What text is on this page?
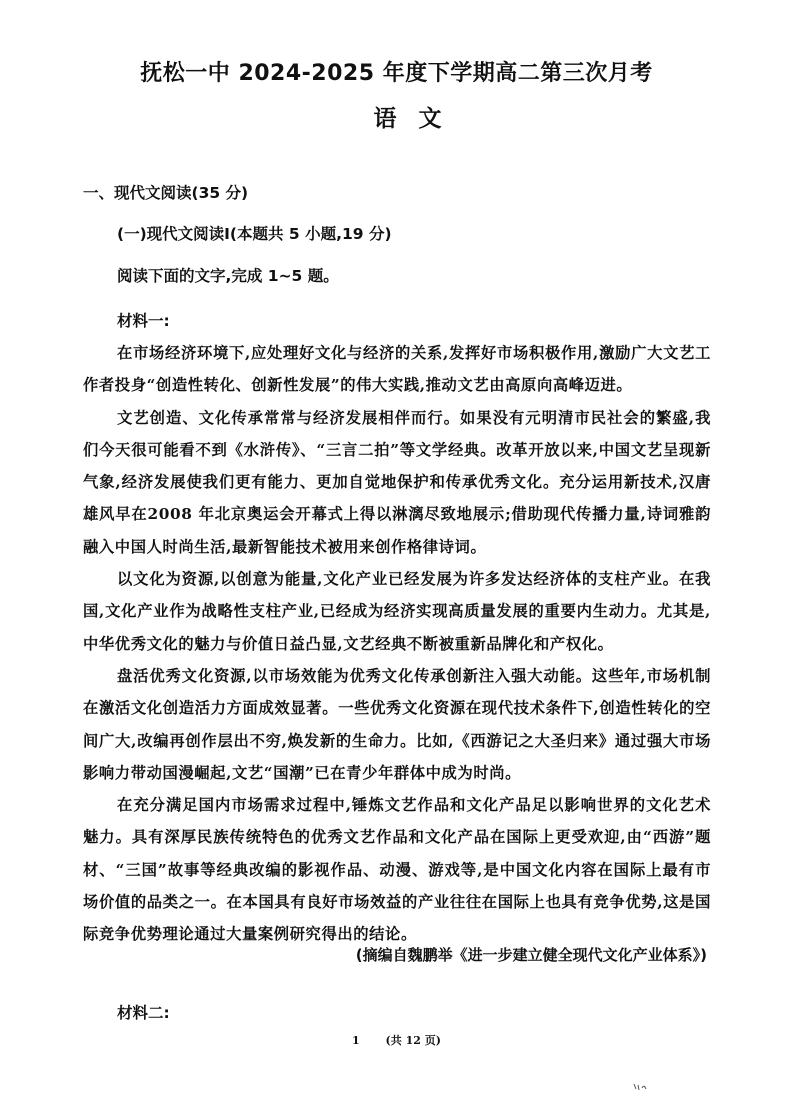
抚松一中 2024-2025 年度下学期高二第三次月考
语文
一、现代文阅读(35 分)
(一)现代文阅读Ⅰ(本题共 5 小题,19 分)
阅读下面的文字,完成 1~5 题。
材料一:

在市场经济环境下,应处理好文化与经济的关系,发挥好市场积极作用,激励广大文艺工作者投身“创造性转化、创新性发展”的伟大实践,推动文艺由高原向高峰迈进。

文艺创造、文化传承常常与经济发展相伴而行。如果没有元明清市民社会的繁盛,我们今天很可能看不到《水浒传》、“三言二拍”等文学经典。改革开放以来,中国文艺呈现新气象,经济发展使我们更有能力、更加自觉地保护和传承优秀文化。充分运用新技术,汉唐雄风早在2008 年北京奥运会开幕式上得以淋漓尽致地展示;借助现代传播力量,诗词雅韵融入中国人时尚生活,最新智能技术被用来创作格律诗词。

以文化为资源,以创意为能量,文化产业已经发展为许多发达经济体的支柱产业。在我国,文化产业作为战略性支柱产业,已经成为经济实现高质量发展的重要内生动力。尤其是,中华优秀文化的魅力与价值日益凸显,文艺经典不断被重新品牌化和产权化。

盘活优秀文化资源,以市场效能为优秀文化传承创新注入强大动能。这些年,市场机制在激活文化创造活力方面成效显著。一些优秀文化资源在现代技术条件下,创造性转化的空间广大,改编再创作层出不穷,焕发新的生命力。比如,《西游记之大圣归来》通过强大市场影响力带动国漫崛起,文艺“国潮”已在青少年群体中成为时尚。

在充分满足国内市场需求过程中,锤炼文艺作品和文化产品足以影响世界的文化艺术魅力。具有深厚民族传统特色的优秀文艺作品和文化产品在国际上更受欢迎,由“西游”题材、“三国”故事等经典改编的影视作品、动漫、游戏等,是中国文化内容在国际上最有市场价值的品类之一。在本国具有良好市场效益的产业往往在国际上也具有竞争优势,这是国际竞争优势理论通过大量案例研究得出的结论。

(摘编自魏鹏举《进一步建立健全现代文化产业体系》)
材料二:
1 (共 12 页)
